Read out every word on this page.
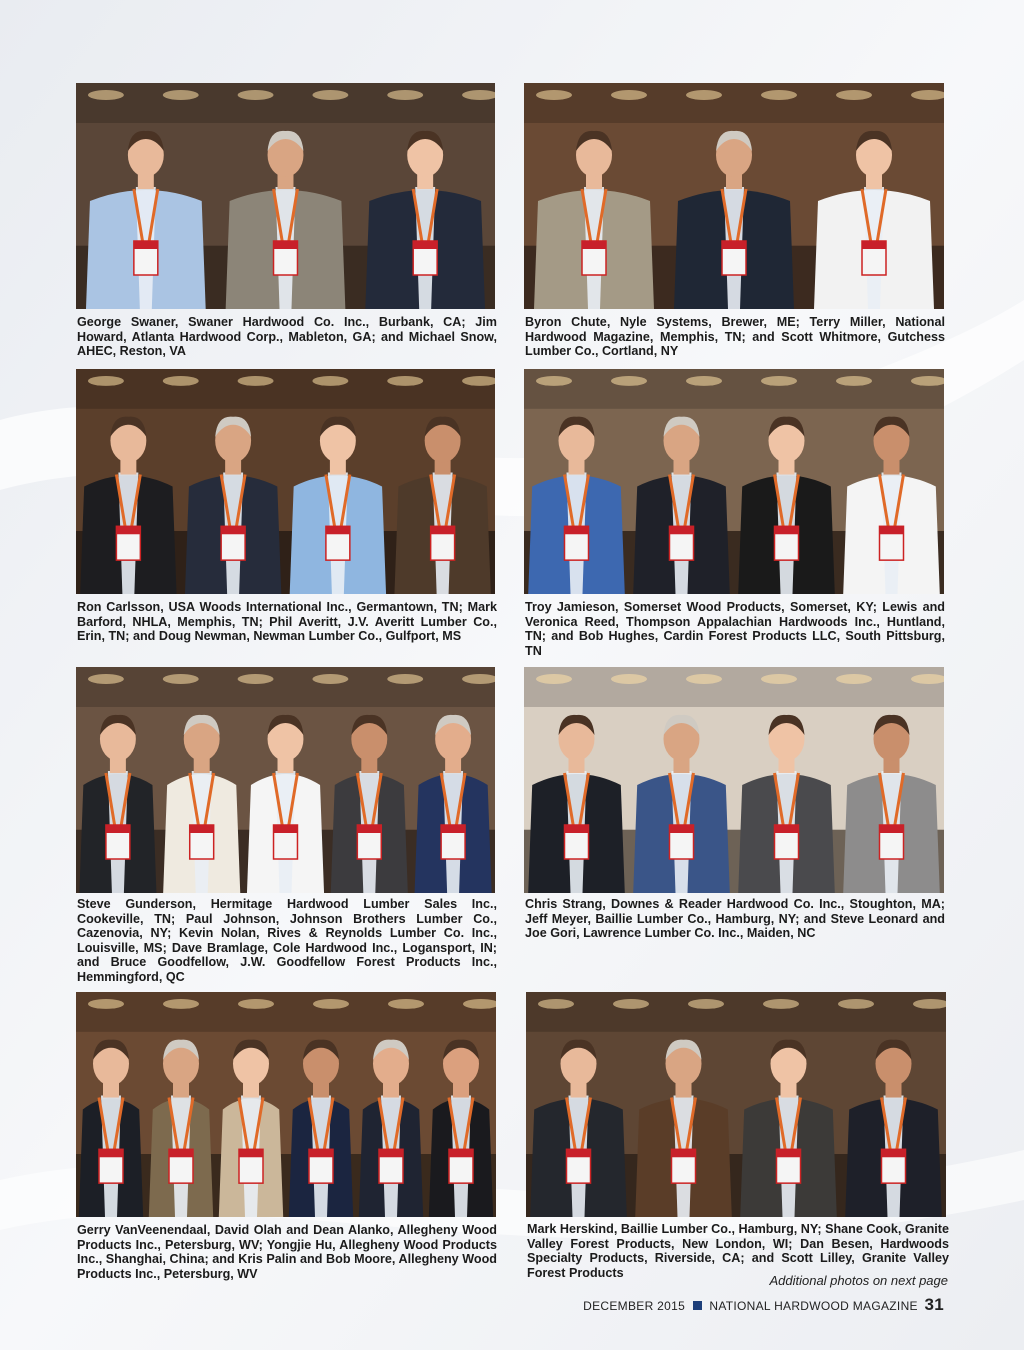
George Swaner, Swaner Hardwood Co. Inc., Burbank, CA; Jim Howard, Atlanta Hardwood Corp., Mableton, GA; and Michael Snow, AHEC, Reston, VA

Byron Chute, Nyle Systems, Brewer, ME; Terry Miller, National Hardwood Magazine, Memphis, TN; and Scott Whitmore, Gutchess Lumber Co., Cortland, NY

Ron Carlsson, USA Woods International Inc., Germantown, TN; Mark Barford, NHLA, Memphis, TN; Phil Averitt, J.V. Averitt Lumber Co., Erin, TN; and Doug Newman, Newman Lumber Co., Gulfport, MS

Troy Jamieson, Somerset Wood Products, Somerset, KY; Lewis and Veronica Reed, Thompson Appalachian Hardwoods Inc., Huntland, TN; and Bob Hughes, Cardin Forest Products LLC, South Pittsburg, TN

Steve Gunderson, Hermitage Hardwood Lumber Sales Inc., Cookeville, TN; Paul Johnson, Johnson Brothers Lumber Co., Cazenovia, NY; Kevin Nolan, Rives & Reynolds Lumber Co. Inc., Louisville, MS; Dave Bramlage, Cole Hardwood Inc., Logansport, IN; and Bruce Goodfellow, J.W. Goodfellow Forest Products Inc., Hemmingford, QC

Chris Strang, Downes & Reader Hardwood Co. Inc., Stoughton, MA; Jeff Meyer, Baillie Lumber Co., Hamburg, NY; and Steve Leonard and Joe Gori, Lawrence Lumber Co. Inc., Maiden, NC

Gerry VanVeenendaal, David Olah and Dean Alanko, Allegheny Wood Products Inc., Petersburg, WV; Yongjie Hu, Allegheny Wood Products Inc., Shanghai, China; and Kris Palin and Bob Moore, Allegheny Wood Products Inc., Petersburg, WV

Mark Herskind, Baillie Lumber Co., Hamburg, NY; Shane Cook, Granite Valley Forest Products, New London, WI; Dan Besen, Hardwoods Specialty Products, Riverside, CA; and Scott Lilley, Granite Valley Forest Products

Additional photos on next page
DECEMBER 2015 NATIONAL HARDWOOD MAGAZINE 31
